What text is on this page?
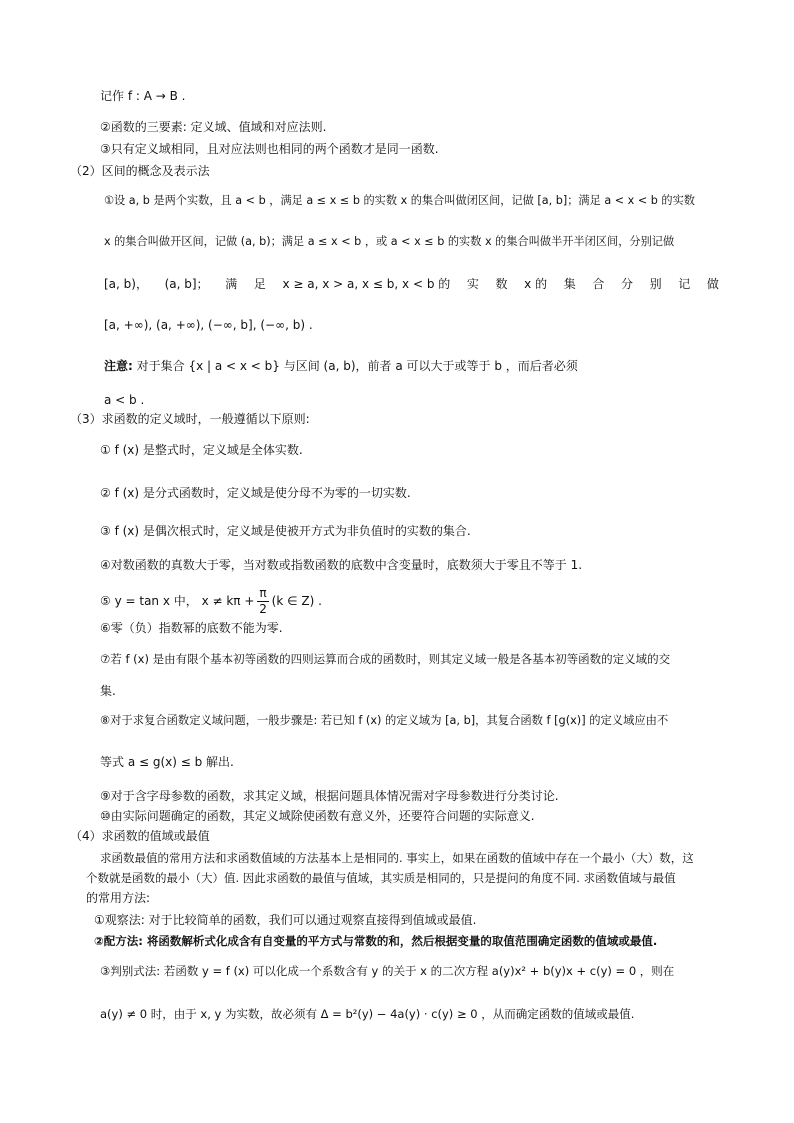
记作 f : A → B .
②函数的三要素: 定义域、值域和对应法则.
③只有定义域相同，且对应法则也相同的两个函数才是同一函数.
（2）区间的概念及表示法
①设 a, b 是两个实数，且 a < b ，满足 a ≤ x ≤ b 的实数 x 的集合叫做闭区间，记做 [a, b]；满足 a < x < b 的实数
x 的集合叫做开区间，记做 (a, b)；满足 a ≤ x < b ，或 a < x ≤ b 的实数 x 的集合叫做半开半闭区间，分别记做
[a, b)， (a, b]； 满 足 x ≥ a, x > a, x ≤ b, x < b 的 实 数 x 的 集 合 分 别 记 做
[a, +∞), (a, +∞), (−∞, b], (−∞, b) .
注意: 对于集合 {x | a < x < b} 与区间 (a, b)，前者 a 可以大于或等于 b ，而后者必须
a < b .
（3）求函数的定义域时，一般遵循以下原则:
① f (x) 是整式时，定义域是全体实数.
② f (x) 是分式函数时，定义域是使分母不为零的一切实数.
③ f (x) 是偶次根式时，定义域是使被开方式为非负值时的实数的集合.
④对数函数的真数大于零，当对数或指数函数的底数中含变量时，底数须大于零且不等于 1.
⑤ y = tan x 中， $x \ne k\pi + \frac{\pi}{2} (k$ ∈ Z) .
⑥零（负）指数幂的底数不能为零.
⑦若 f (x) 是由有限个基本初等函数的四则运算而合成的函数时，则其定义域一般是各基本初等函数的定义域的交
集.
⑧对于求复合函数定义域问题，一般步骤是: 若已知 f (x) 的定义域为 [a, b]，其复合函数 f [g(x)] 的定义域应由不
等式 a ≤ g(x) ≤ b 解出.
⑨对于含字母参数的函数，求其定义域，根据问题具体情况需对字母参数进行分类讨论.
⑩由实际问题确定的函数，其定义域除使函数有意义外，还要符合问题的实际意义.
（4）求函数的值域或最值
求函数最值的常用方法和求函数值域的方法基本上是相同的. 事实上，如果在函数的值域中存在一个最小（大）数，这
个数就是函数的最小（大）值. 因此求函数的最值与值域，其实质是相同的，只是提问的角度不同. 求函数值域与最值
的常用方法:
①观察法: 对于比较简单的函数，我们可以通过观察直接得到值域或最值.
②配方法: 将函数解析式化成含有自变量的平方式与常数的和，然后根据变量的取值范围确定函数的值域或最值.
③判别式法: 若函数 y = f (x) 可以化成一个系数含有 y 的关于 x 的二次方程 a(y)x² + b(y)x + c(y) = 0 ，则在
a(y) ≠ 0 时，由于 x, y 为实数，故必须有 Δ = b²(y) − 4a(y) · c(y) ≥ 0 ，从而确定函数的值域或最值.
